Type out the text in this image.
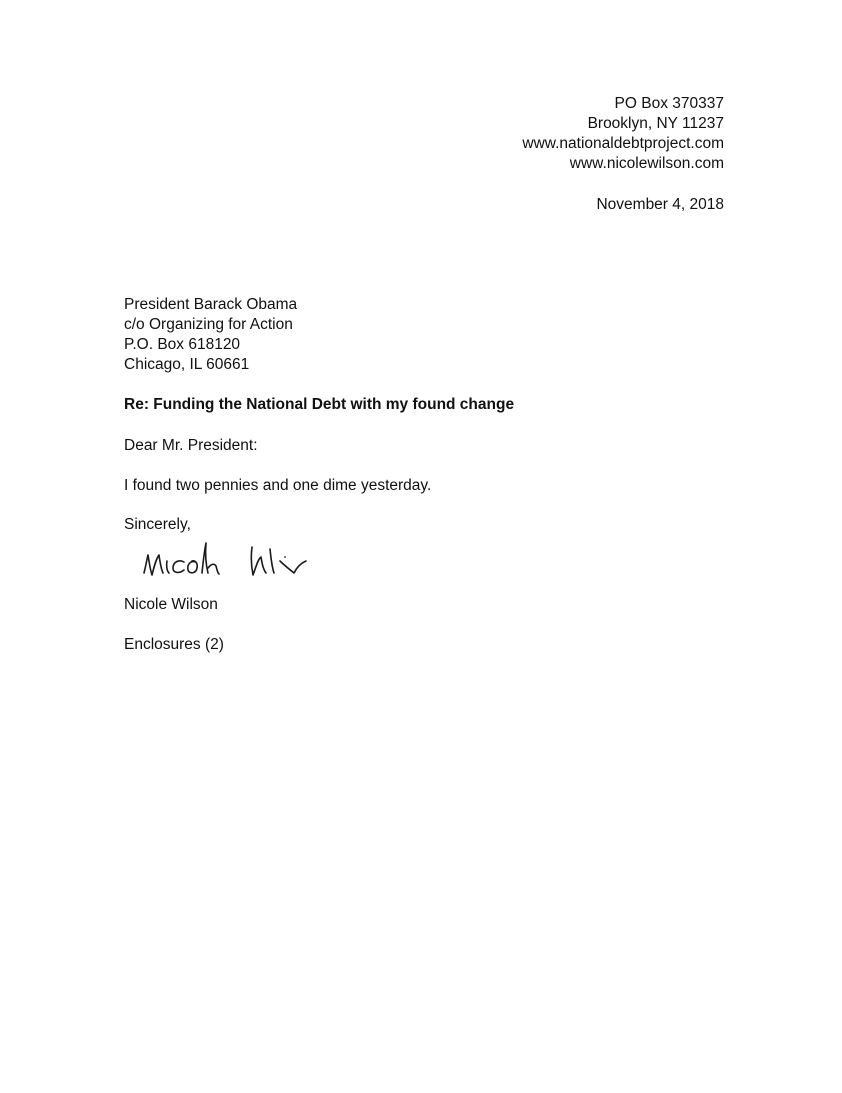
PO Box 370337
Brooklyn, NY 11237
www.nationaldebtproject.com
www.nicolewilson.com
November 4, 2018
President Barack Obama
c/o Organizing for Action
P.O. Box 618120
Chicago, IL 60661
Re: Funding the National Debt with my found change
Dear Mr. President:
I found two pennies and one dime yesterday.
Sincerely,
Nicole Wilson
Enclosures (2)
